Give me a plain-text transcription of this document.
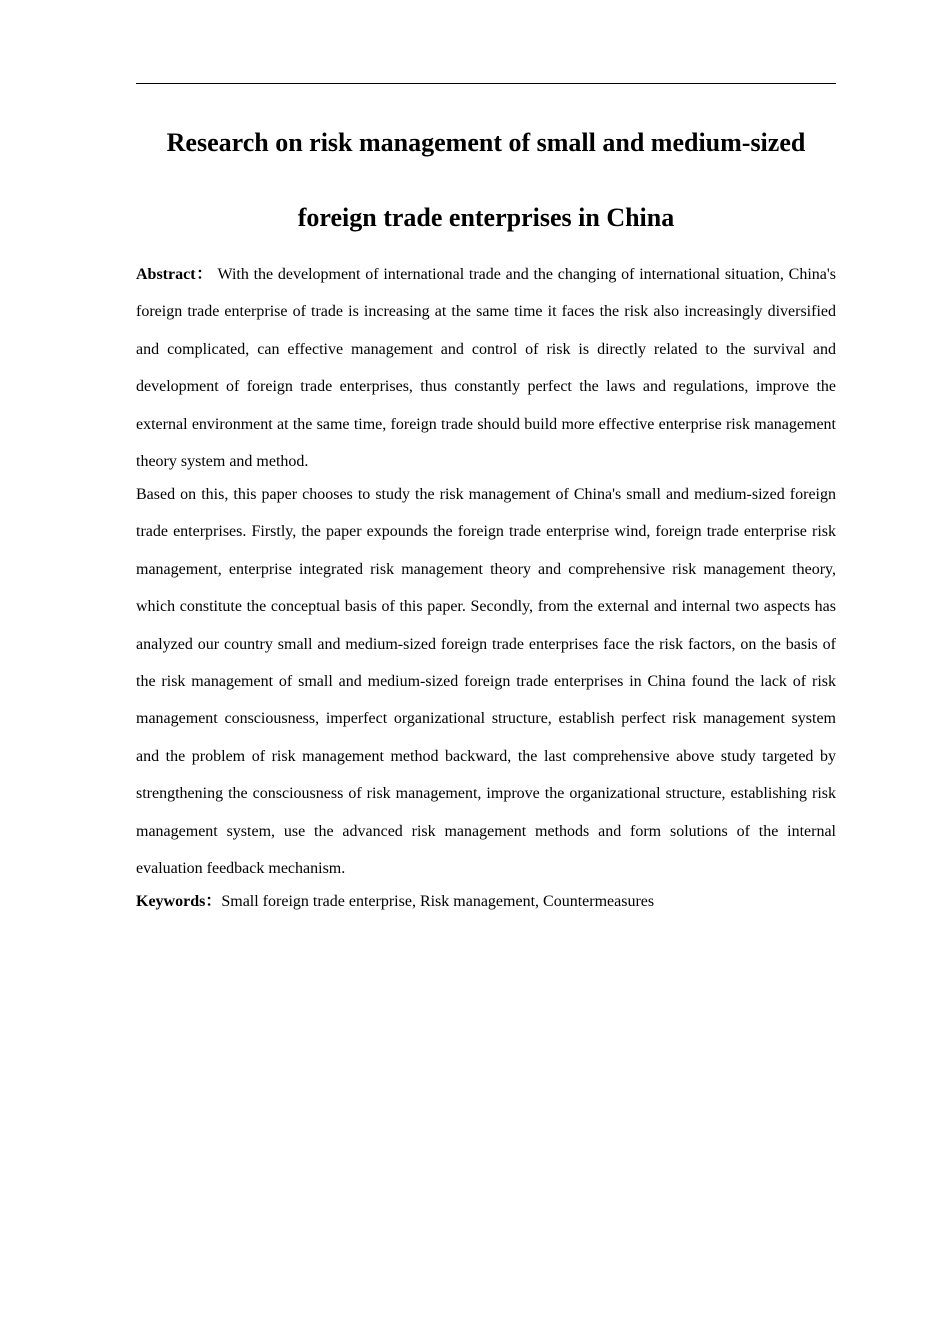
Research on risk management of small and medium-sized

foreign trade enterprises in China

Abstract： With the development of international trade and the changing of international situation, China's foreign trade enterprise of trade is increasing at the same time it faces the risk also increasingly diversified and complicated, can effective management and control of risk is directly related to the survival and development of foreign trade enterprises, thus constantly perfect the laws and regulations, improve the external environment at the same time, foreign trade should build more effective enterprise risk management theory system and method.

Based on this, this paper chooses to study the risk management of China's small and medium-sized foreign trade enterprises. Firstly, the paper expounds the foreign trade enterprise wind, foreign trade enterprise risk management, enterprise integrated risk management theory and comprehensive risk management theory, which constitute the conceptual basis of this paper. Secondly, from the external and internal two aspects has analyzed our country small and medium-sized foreign trade enterprises face the risk factors, on the basis of the risk management of small and medium-sized foreign trade enterprises in China found the lack of risk management consciousness, imperfect organizational structure, establish perfect risk management system and the problem of risk management method backward, the last comprehensive above study targeted by strengthening the consciousness of risk management, improve the organizational structure, establishing risk management system, use the advanced risk management methods and form solutions of the internal evaluation feedback mechanism.

Keywords：Small foreign trade enterprise, Risk management, Countermeasures
